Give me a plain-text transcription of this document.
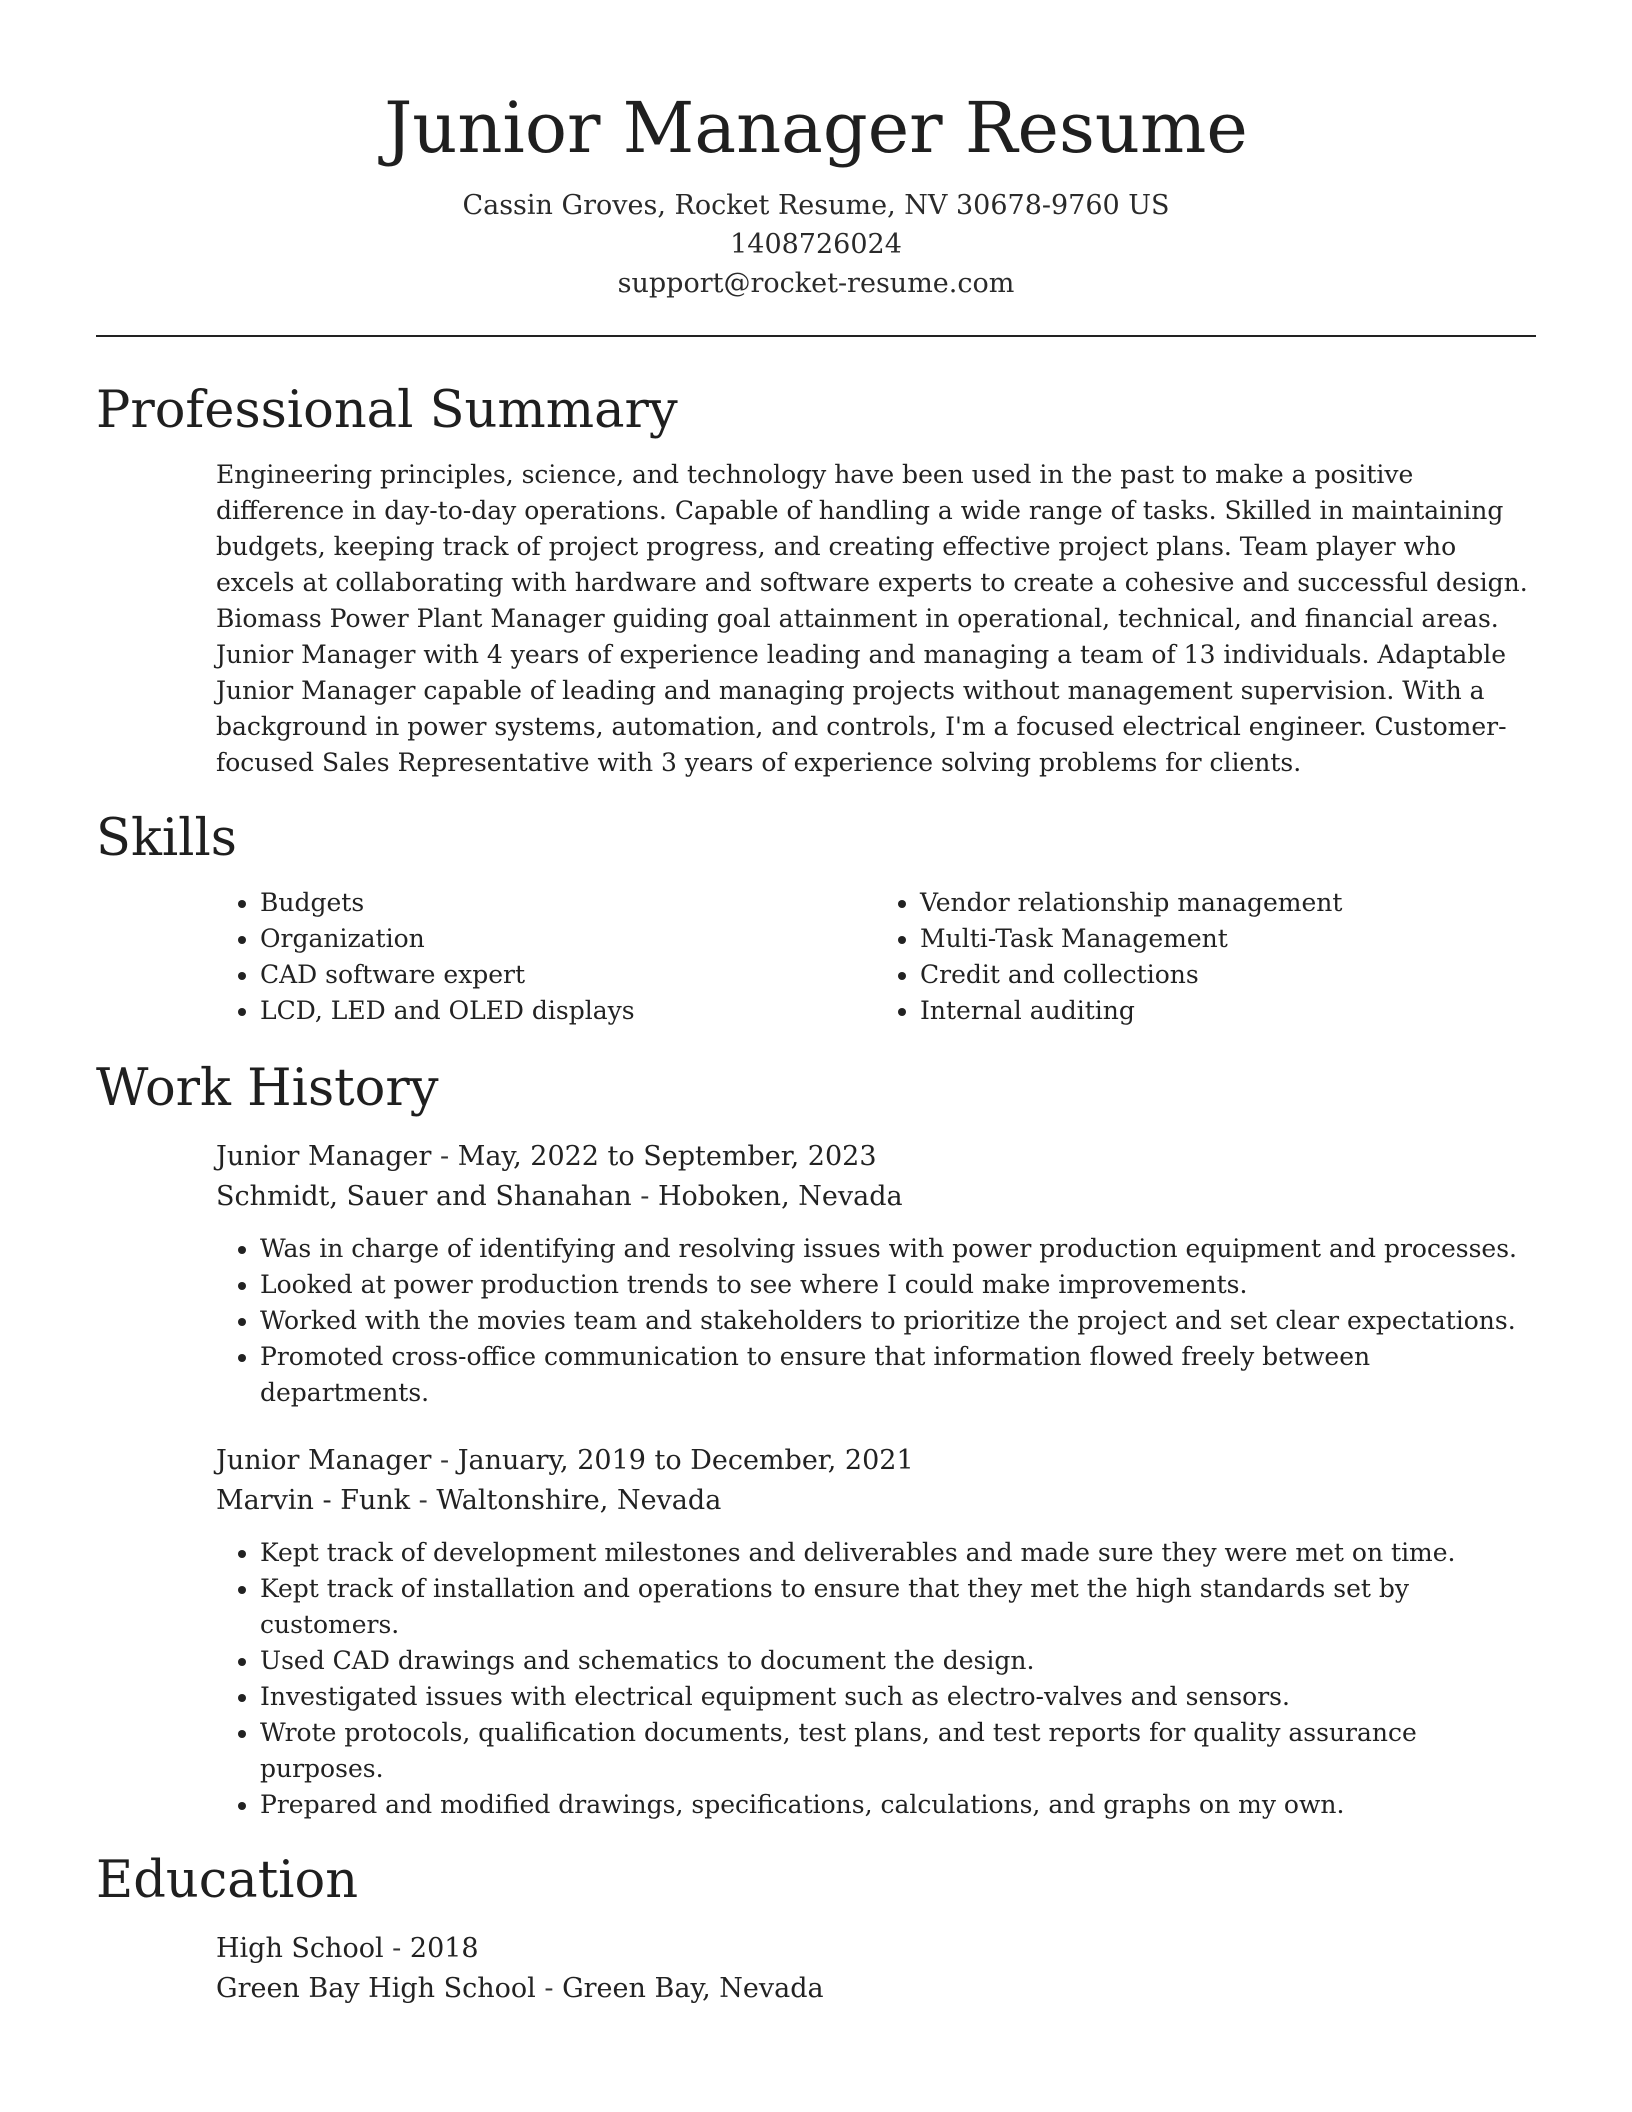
Junior Manager Resume
Cassin Groves, Rocket Resume, NV 30678-9760 US
1408726024
support@rocket-resume.com
Professional Summary

Engineering principles, science, and technology have been used in the past to make a positive difference in day-to-day operations. Capable of handling a wide range of tasks. Skilled in maintaining budgets, keeping track of project progress, and creating effective project plans. Team player who excels at collaborating with hardware and software experts to create a cohesive and successful design. Biomass Power Plant Manager guiding goal attainment in operational, technical, and financial areas. Junior Manager with 4 years of experience leading and managing a team of 13 individuals. Adaptable Junior Manager capable of leading and managing projects without management supervision. With a background in power systems, automation, and controls, I'm a focused electrical engineer. Customer-focused Sales Representative with 3 years of experience solving problems for clients.

Skills
• Budgets
• Organization
• CAD software expert
• LCD, LED and OLED displays
• Vendor relationship management
• Multi-Task Management
• Credit and collections
• Internal auditing
Work History
Junior Manager - May, 2022 to September, 2023
Schmidt, Sauer and Shanahan - Hoboken, Nevada
• Was in charge of identifying and resolving issues with power production equipment and processes.
• Looked at power production trends to see where I could make improvements.
• Worked with the movies team and stakeholders to prioritize the project and set clear expectations.
• Promoted cross-office communication to ensure that information flowed freely between departments.
Junior Manager - January, 2019 to December, 2021
Marvin - Funk - Waltonshire, Nevada
• Kept track of development milestones and deliverables and made sure they were met on time.
• Kept track of installation and operations to ensure that they met the high standards set by customers.
• Used CAD drawings and schematics to document the design.
• Investigated issues with electrical equipment such as electro-valves and sensors.
• Wrote protocols, qualification documents, test plans, and test reports for quality assurance purposes.
• Prepared and modified drawings, specifications, calculations, and graphs on my own.
Education
High School - 2018
Green Bay High School - Green Bay, Nevada
